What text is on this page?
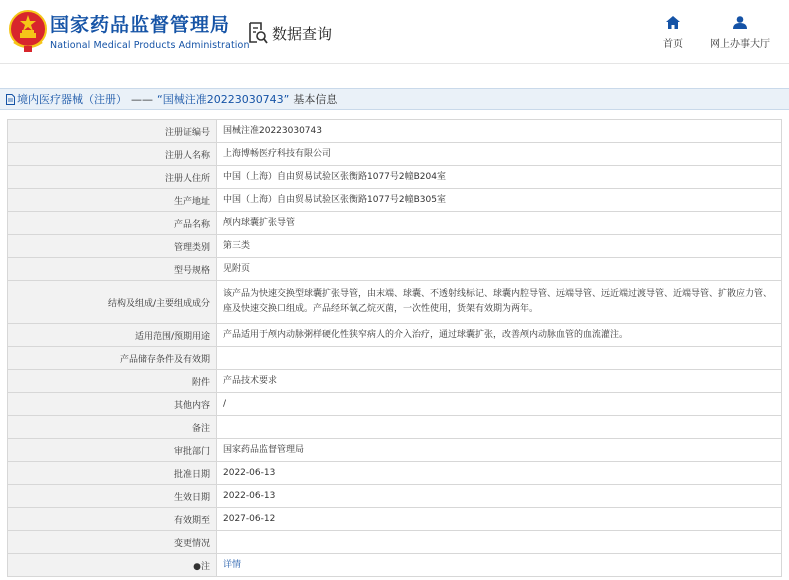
国家药品监督管理局
National Medical Products Administration
数据查询
首页	网上办事大厅
境内医疗器械（注册） —— “国械注准20223030743” 基本信息
注册证编号	国械注准20223030743
注册人名称	上海博畅医疗科技有限公司
注册人住所	中国（上海）自由贸易试验区张衡路1077号2幢B204室
生产地址	中国（上海）自由贸易试验区张衡路1077号2幢B305室
产品名称	颅内球囊扩张导管
管理类别	第三类
型号规格	见附页
结构及组成/主要组成成分	该产品为快速交换型球囊扩张导管，由末端、球囊、不透射线标记、球囊内腔导管、远端导管、远近端过渡导管、近端导管、扩散应力管、座及快速交换口组成。产品经环氧乙烷灭菌，一次性使用，货架有效期为两年。
适用范围/预期用途	产品适用于颅内动脉粥样硬化性狭窄病人的介入治疗，通过球囊扩张，改善颅内动脉血管的血流灌注。
产品储存条件及有效期	
附件	产品技术要求
其他内容	/
备注	
审批部门	国家药品监督管理局
批准日期	2022-06-13
生效日期	2022-06-13
有效期至	2027-06-12
变更情况	
●注	详情
